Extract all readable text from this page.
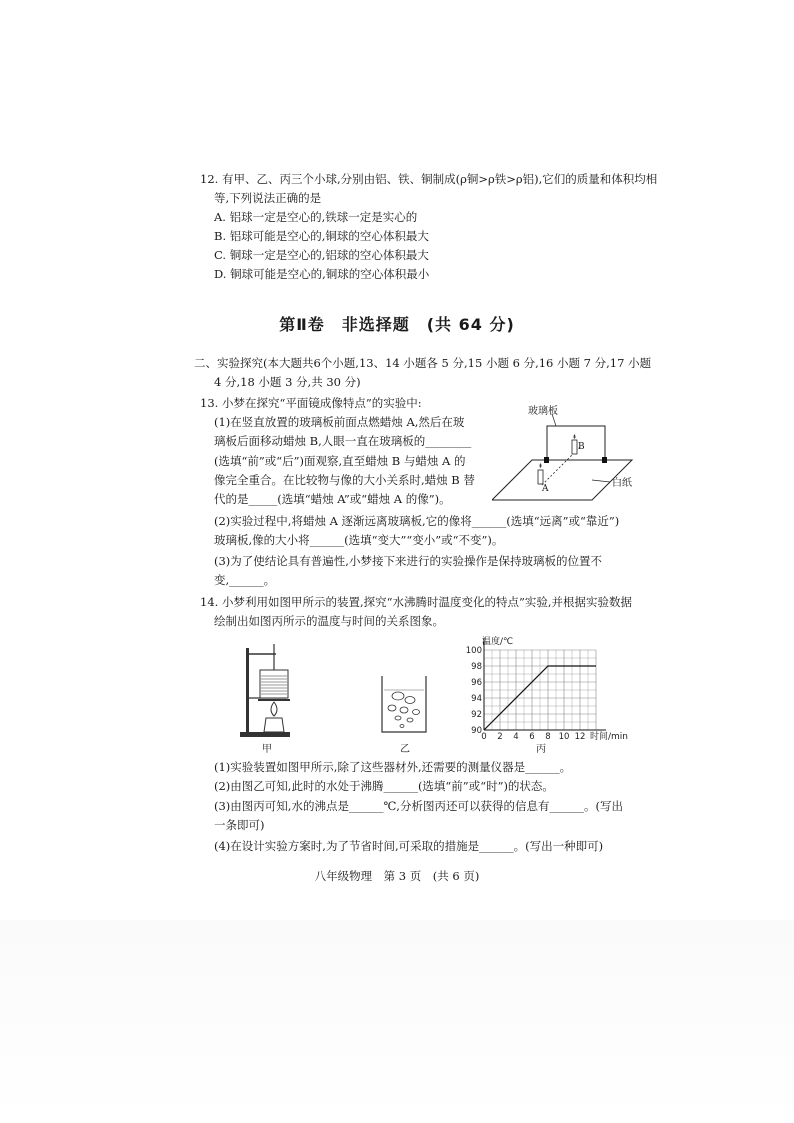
12. 有甲、乙、丙三个小球,分别由铝、铁、铜制成(ρ铜>ρ铁>ρ铝),它们的质量和体积均相
等,下列说法正确的是
A. 铝球一定是空心的,铁球一定是实心的
B. 铝球可能是空心的,铜球的空心体积最大
C. 铜球一定是空心的,铝球的空心体积最大
D. 铜球可能是空心的,铜球的空心体积最小
第Ⅱ卷　非选择题　(共 64 分)
二、实验探究(本大题共6个小题,13、14 小题各 5 分,15 小题 6 分,16 小题 7 分,17 小题
4 分,18 小题 3 分,共 30 分)
13. 小梦在探究“平面镜成像特点”的实验中:
(1)在竖直放置的玻璃板前面点燃蜡烛 A,然后在玻
璃板后面移动蜡烛 B,人眼一直在玻璃板的________
(选填“前”或“后”)面观察,直至蜡烛 B 与蜡烛 A 的
像完全重合。在比较物与像的大小关系时,蜡烛 B 替
代的是_____(选填“蜡烛 A”或“蜡烛 A 的像”)。
(2)实验过程中,将蜡烛 A 逐渐远离玻璃板,它的像将______(选填“远离”或“靠近”)
玻璃板,像的大小将______(选填“变大”“变小”或“不变”)。
(3)为了使结论具有普遍性,小梦接下来进行的实验操作是保持玻璃板的位置不
变,______。
玻璃板
白纸
B
A
14. 小梦利用如图甲所示的装置,探究“水沸腾时温度变化的特点”实验,并根据实验数据
绘制出如图丙所示的温度与时间的关系图象。
甲	乙
90
92
94
96
98
100
0 2 4 6 8 10 12
温度/℃
时间/min
丙
(1)实验装置如图甲所示,除了这些器材外,还需要的测量仪器是______。
(2)由图乙可知,此时的水处于沸腾______(选填“前”或“时”)的状态。
(3)由图丙可知,水的沸点是______℃,分析图丙还可以获得的信息有______。(写出
一条即可)
(4)在设计实验方案时,为了节省时间,可采取的措施是______。(写出一种即可)
八年级物理　第 3 页　(共 6 页)
